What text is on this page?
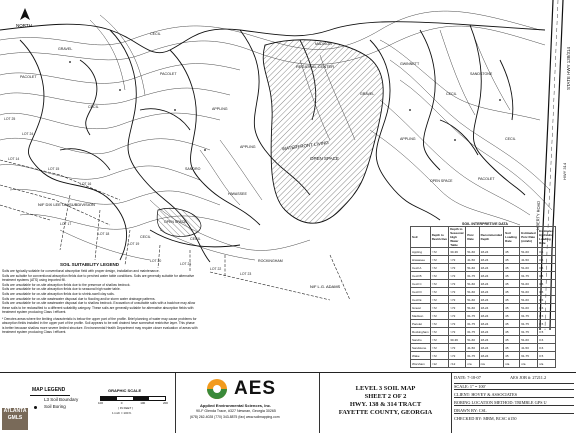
STATE HWY 138/314
LIBERTY ROAD
HWY 314
NORTH
WATERFRONT LIVING
OPEN SPACE
OPEN SPACE
REGIONAL CENTER
OPEN SPACE
GRAVEL
CECIL
CECIL
PACOLET
PACOLET
APPLING
APPLING
SANDRO
HIWASSEE
CECIL
MADISON
GWINNETT
GRAVEL	CECIL
APPLING
SANDSTONE
PACOLET
CECIL
CECIL
ROCKINGHAM
LOT 14
LOT 15
LOT 16
LOT 17
LOT 18
LOT 19
LOT 20
LOT 21
LOT 22
LOT 23
LOT 24
LOT 25
N/F DIX LEE ON SUBDIVISION
N/F L.G. ADAMS
SOIL SUITABILITY LEGEND
Soils are typically suitable for conventional absorption field with proper design, installation and maintenance.
Soils are suitable for conventional absorption fields due to perched water table conditions. Soils are generally suitable for alternative
treatment systems (ATS) using imported fill.
Soils are unsuitable for on-site absorption fields due to the presence of shallow bedrock.
Soils are unsuitable for on-site absorption fields due to seasonal high water table.
Soils are unsuitable for on-site absorption fields due to shrink-swell clay soils.
Soils are unsuitable for on-site wastewater disposal due to flooding and/or storm water drainage patterns.
Soils are unsuitable for on-site wastewater disposal due to shallow bedrock. Excavation of unsuitable soils with a backhoe may allow
these soils to be reclassified to a different suitability category. These soils are generally suitable for alternative absorption fields with
treatment system producing Class I effluent.
* Denotes areas where the limiting characteristic is below the upper part of the profile. Brief planning of water may cause problems for
absorption fields installed in the upper part of the profile. Soil appears to be well drained have somewhat restrictive layer. This phase
is better because shallow more severe limited structure. Environmental Health Department may require closer evaluation of areas with
treatment system producing Class I effluent.
SOIL INTERPRETIVE DATA
Soil	Depth to Restrictive	Depth to Seasonal High Water Table	Perc Rate	Recommended Depth	Soil Loading Rate	Estimated Perc Rate (min/in)	Estimated Hydraulic Loading Rate
Appling	>72	30-36	51-60	18-24	45	51-60	0.6
Hiwassee	>72	>72	41-50	18-24	45	41-50	0.6
Cecil A	>72	>72	51-60	18-24	45	51-60	0.6
Cecil B	>72	>72	61-75	18-24	45	61-75	0.5
Cecil C	>72	>72	51-60	18-24	45	51-60	0.6
Cecil D	>72	>72	51-60	18-24	45	51-60	0.6
Cecil E	>72	>72	51-60	18-24	45	51-60	0.6
Gravel	>72	>72	51-60	18-24	45	51-60	0.6
Madison	>72	>72	61-75	18-24	45	61-75	0.5
Pacolet	>72	>72	61-75	18-24	45	61-75	0.5
Rockingham	>72	>72	61-75	18-24	45	61-75	0.5
Sandro	>72	30-36	51-60	18-24	45	51-60	0.6
Sandstone	>72	>72	41-50	18-24	45	41-50	0.6
Wake	>72	>72	61-75	18-24	45	61-75	0.5
Worsham	<12	<12	n/a	n/a	n/a	n/a	n/a
MAP LEGEND
L3 Soil Boundary
Soil Boring
GRAPHIC SCALE
100	0	100	200
( IN FEET )
1 inch = 100 ft.
AES
Applied Environmental Sciences, Inc.
90-F Glenda Trace, #327 Newnan, Georgia 30265
(678) 262-4028 (770) 343-8875 (fax) www.soilmapping.com
LEVEL 3 SOIL MAP
SHEET 2 OF 2
HWY. 138 & 314 TRACT
FAYETTE COUNTY, GEORGIA
DATE: 7-18-07	AES JOB #: 27211.2
SCALE: 1" = 100'
CLIENT: HOVEY & ASSOCIATES
BORING LOCATION METHOD: TRIMBLE GPS U
DRAWN BY: CSL
CHECKED BY: MBM, BCSC #150
ATLANTA
GMLS
